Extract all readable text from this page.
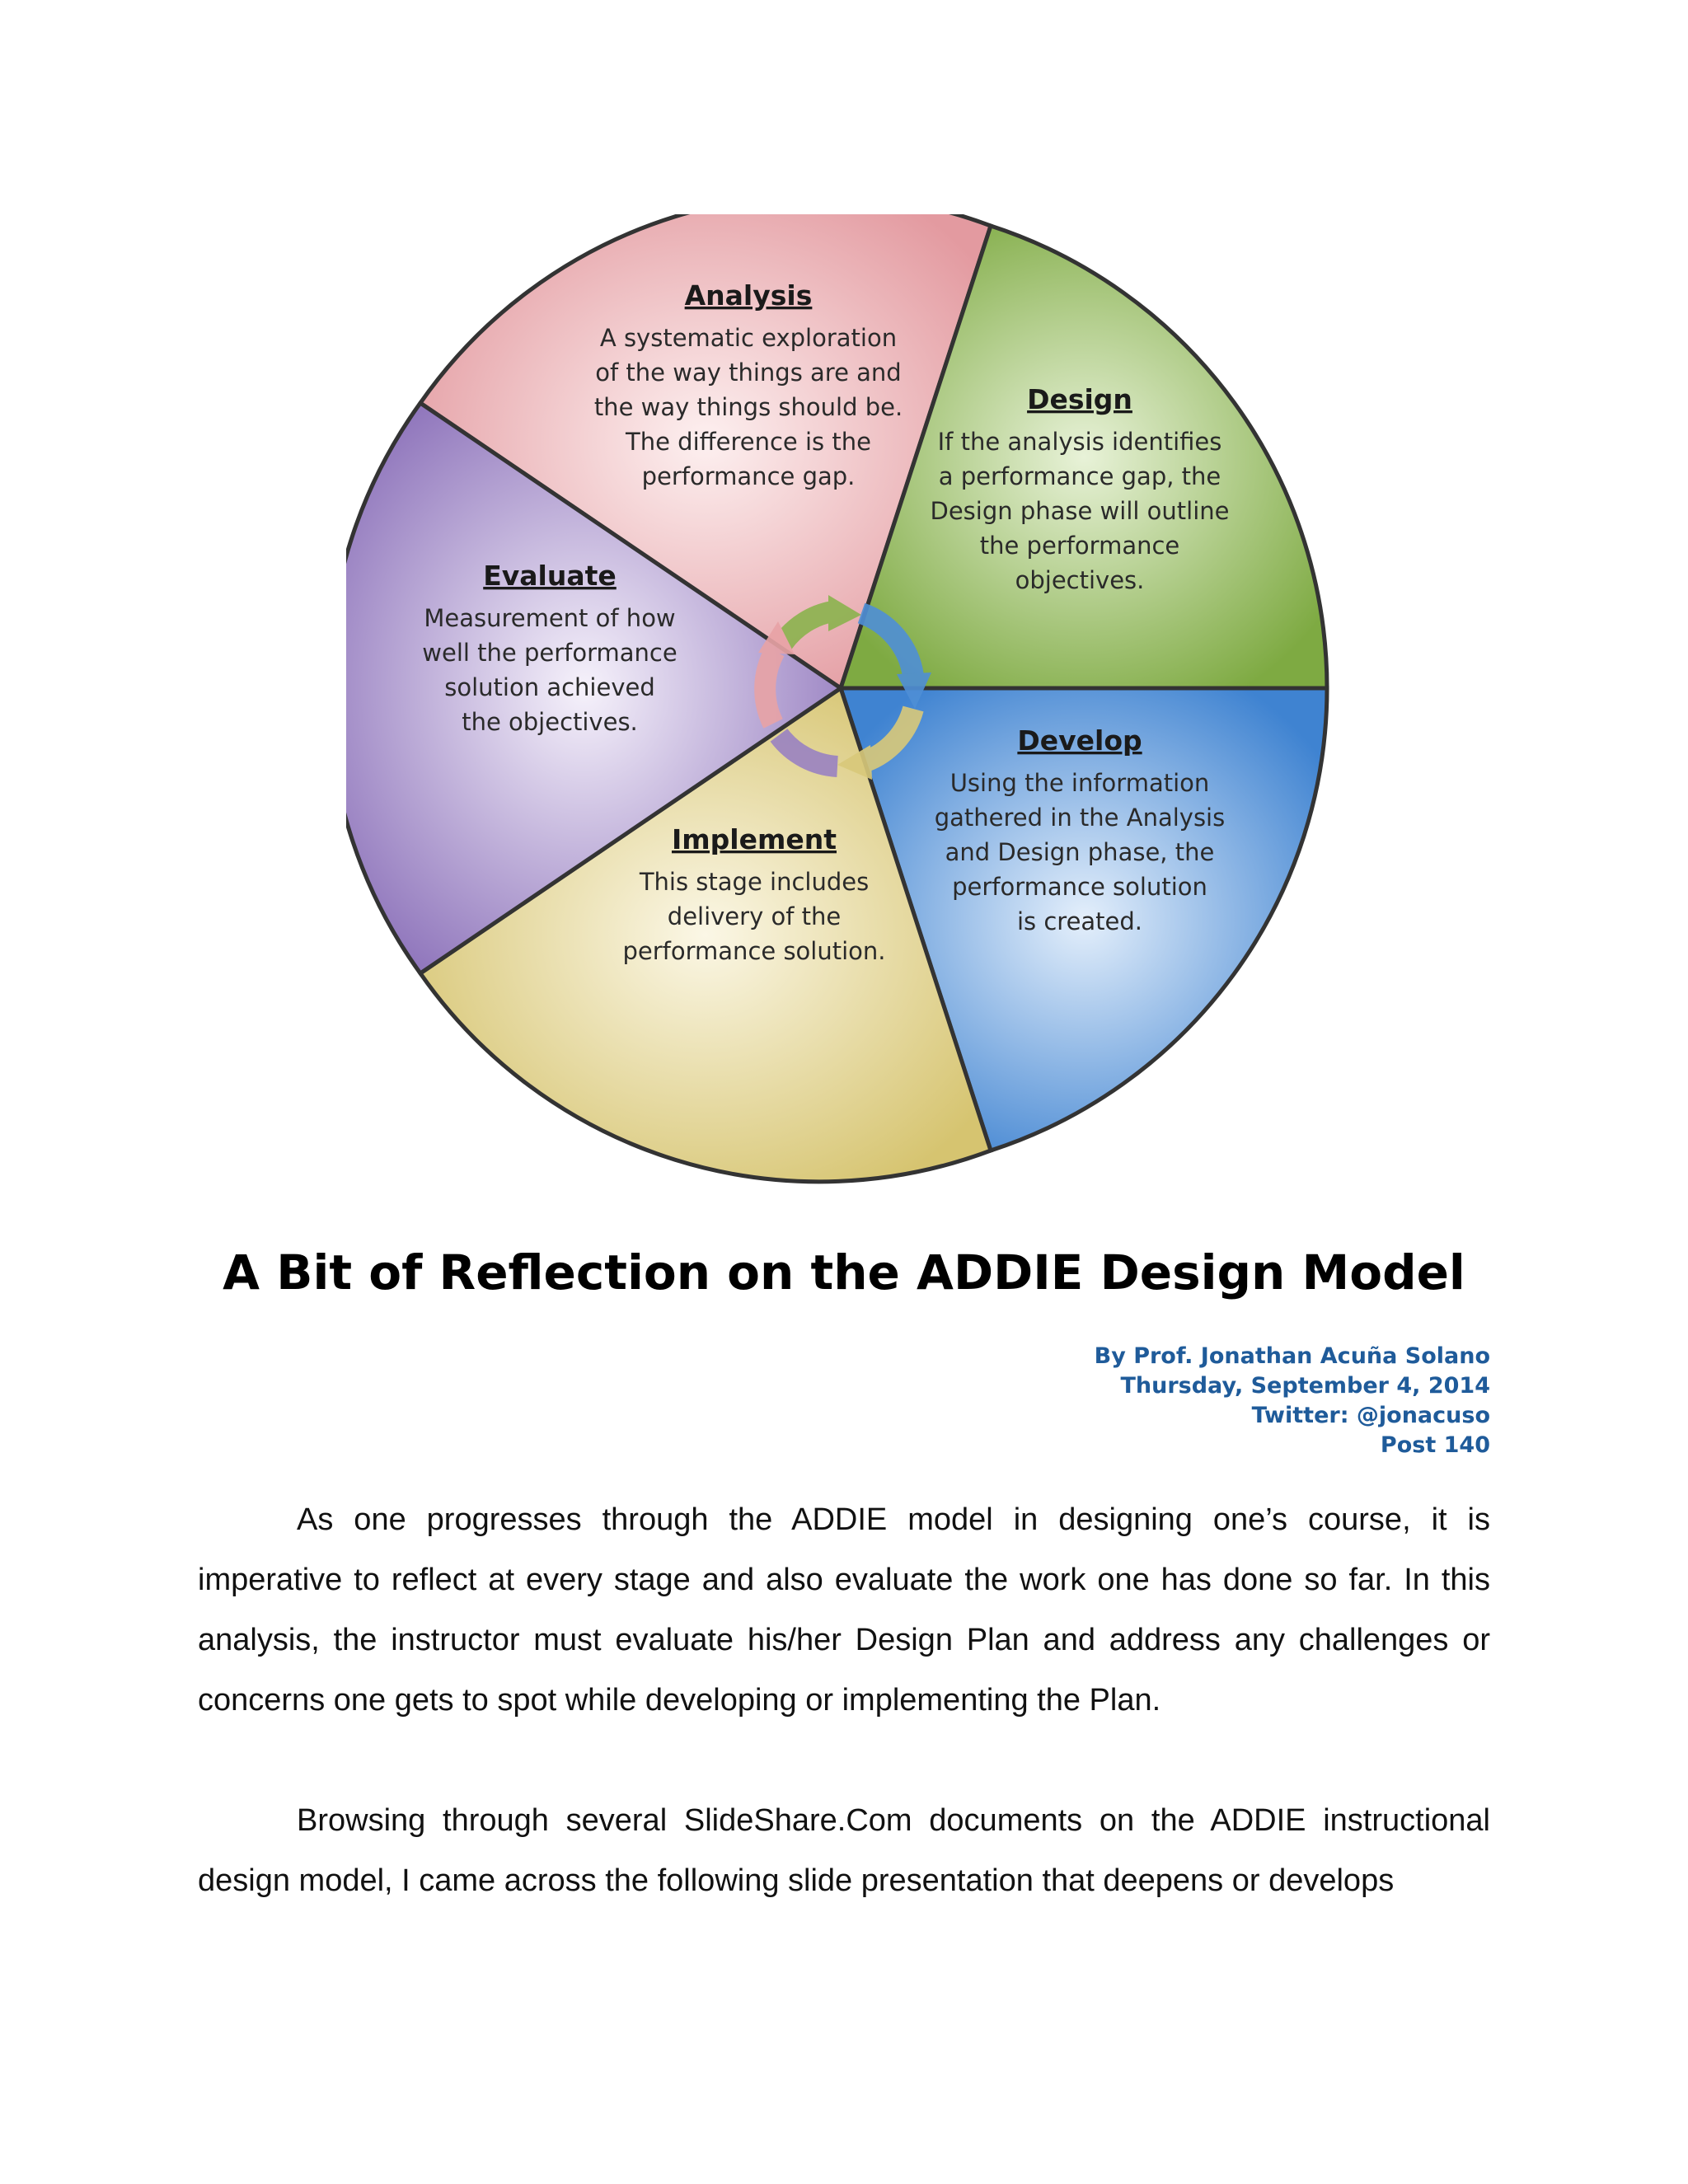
Analysis
A systematic exploration
of the way things are and
the way things should be.
The difference is the
performance gap.
Design
If the analysis identifies
a performance gap, the
Design phase will outline
the performance
objectives.
Develop
Using the information
gathered in the Analysis
and Design phase, the
performance solution
is created.
Implement
This stage includes
delivery of the
performance solution.
Evaluate
Measurement of how
well the performance
solution achieved
the objectives.
A Bit of Reflection on the ADDIE Design Model
By Prof. Jonathan Acuña Solano
Thursday, September 4, 2014
Twitter: @jonacuso
Post 140

As one progresses through the ADDIE model in designing one’s course, it is imperative to reflect at every stage and also evaluate the work one has done so far. In this analysis, the instructor must evaluate his/her Design Plan and address any challenges or concerns one gets to spot while developing or implementing the Plan.

Browsing through several SlideShare.Com documents on the ADDIE instructional design model, I came across the following slide presentation that deepens or develops
